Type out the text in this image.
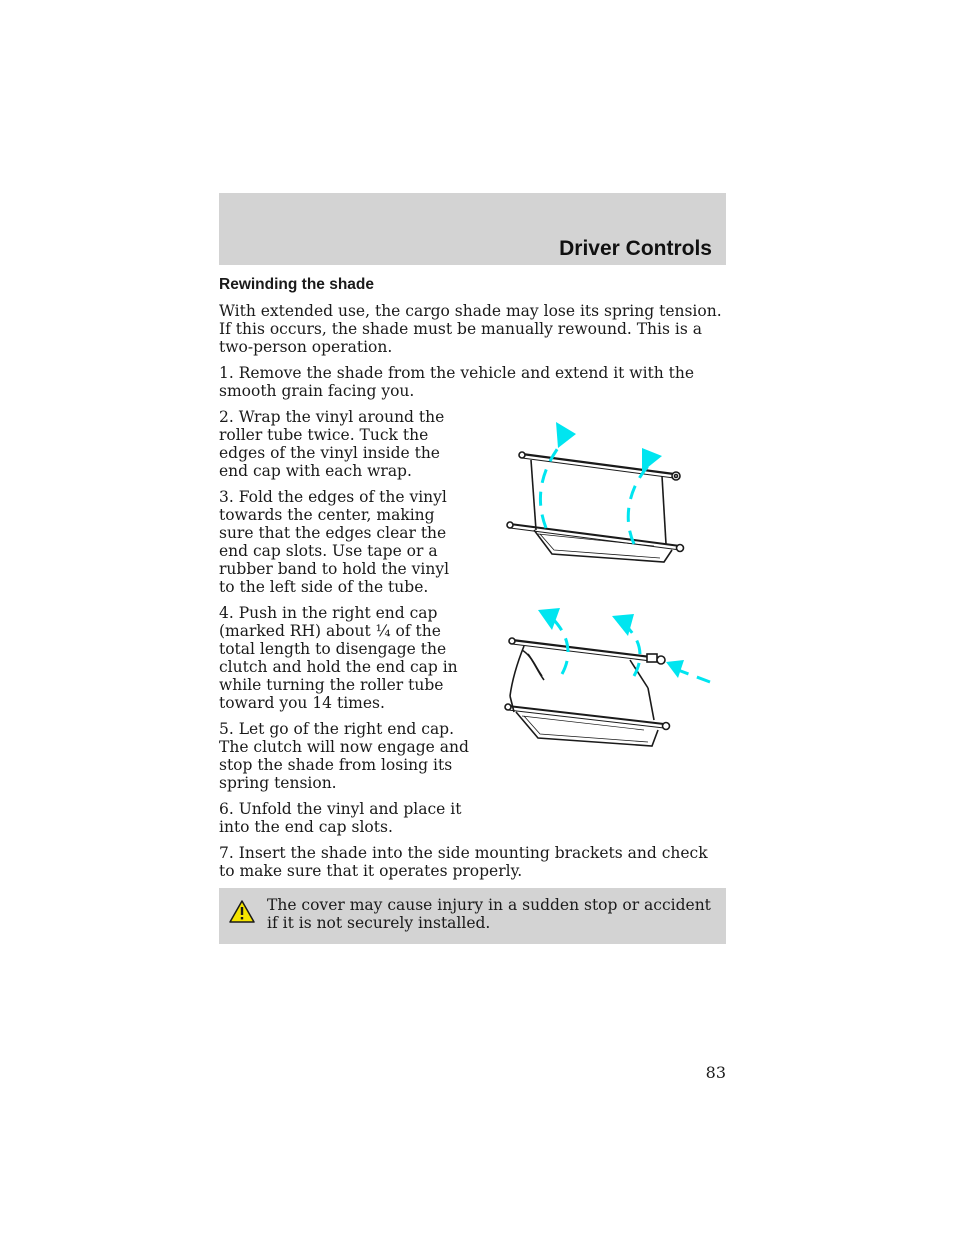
Driver Controls
Rewinding the shade

With extended use, the cargo shade may lose its spring tension. If this occurs, the shade must be manually rewound. This is a two-person operation.

1. Remove the shade from the vehicle and extend it with the smooth grain facing you.

2. Wrap the vinyl around the roller tube twice. Tuck the edges of the vinyl inside the end cap with each wrap.

3. Fold the edges of the vinyl towards the center, making sure that the edges clear the end cap slots. Use tape or a rubber band to hold the vinyl to the left side of the tube.

4. Push in the right end cap (marked RH) about ¼ of the total length to disengage the clutch and hold the end cap in while turning the roller tube toward you 14 times.

5. Let go of the right end cap. The clutch will now engage and stop the shade from losing its spring tension.

6. Unfold the vinyl and place it into the end cap slots.

7. Insert the shade into the side mounting brackets and check to make sure that it operates properly.

The cover may cause injury in a sudden stop or accident if it is not securely installed.
83
